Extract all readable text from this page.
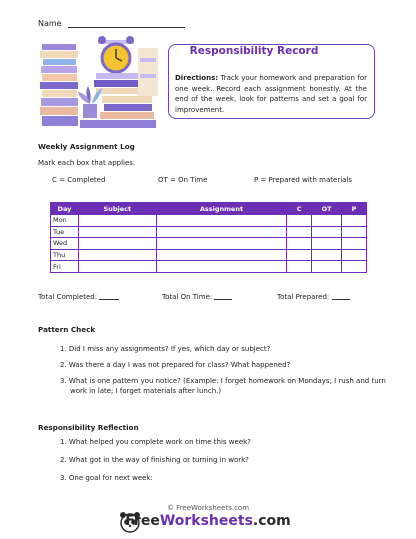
Name
Responsibility Record
Directions: Track your homework and preparation for one week. Record each assignment honestly. At the end of the week, look for patterns and set a goal for improvement.
Weekly Assignment Log
Mark each box that applies.
C = Completed	OT = On Time	P = Prepared with materials
Day	Subject	Assignment	C	OT	P
Mon					
Tue					
Wed					
Thu					
Fri					
Total Completed:	Total On Time:	Total Prepared:
Pattern Check
1. Did I miss any assignments? If yes, which day or subject?
2. Was there a day I was not prepared for class? What happened?
3. What is one pattern you notice? (Example: I forget homework on Mondays; I rush and turn work in late; I forget materials after lunch.)
Responsibility Reflection
1. What helped you complete work on time this week?
2. What got in the way of finishing or turning in work?
3. One goal for next week:
© FreeWorksheets.com
FreeWorksheets.com
